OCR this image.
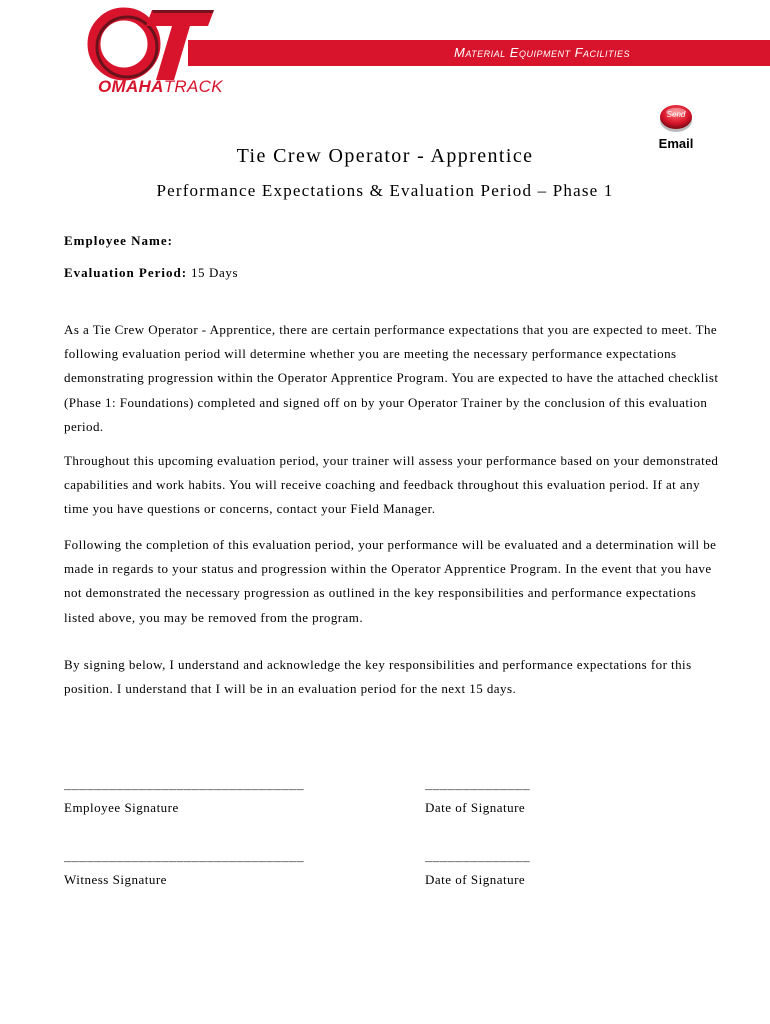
Material Equipment Facilities
OMAHATRACK
Send
Email
Tie Crew Operator - Apprentice
Performance Expectations & Evaluation Period – Phase 1
Employee Name:
Evaluation Period: 15 Days

As a Tie Crew Operator - Apprentice, there are certain performance expectations that you are expected to meet. The following evaluation period will determine whether you are meeting the necessary performance expectations demonstrating progression within the Operator Apprentice Program. You are expected to have the attached checklist (Phase 1: Foundations) completed and signed off on by your Operator Trainer by the conclusion of this evaluation period.

Throughout this upcoming evaluation period, your trainer will assess your performance based on your demonstrated capabilities and work habits. You will receive coaching and feedback throughout this evaluation period. If at any time you have questions or concerns, contact your Field Manager.

Following the completion of this evaluation period, your performance will be evaluated and a determination will be made in regards to your status and progression within the Operator Apprentice Program. In the event that you have not demonstrated the necessary progression as outlined in the key responsibilities and performance expectations listed above, you may be removed from the program.

By signing below, I understand and acknowledge the key responsibilities and performance expectations for this position. I understand that I will be in an evaluation period for the next 15 days.

________________________________	______________
Employee Signature	Date of Signature
________________________________	______________
Witness Signature	Date of Signature
